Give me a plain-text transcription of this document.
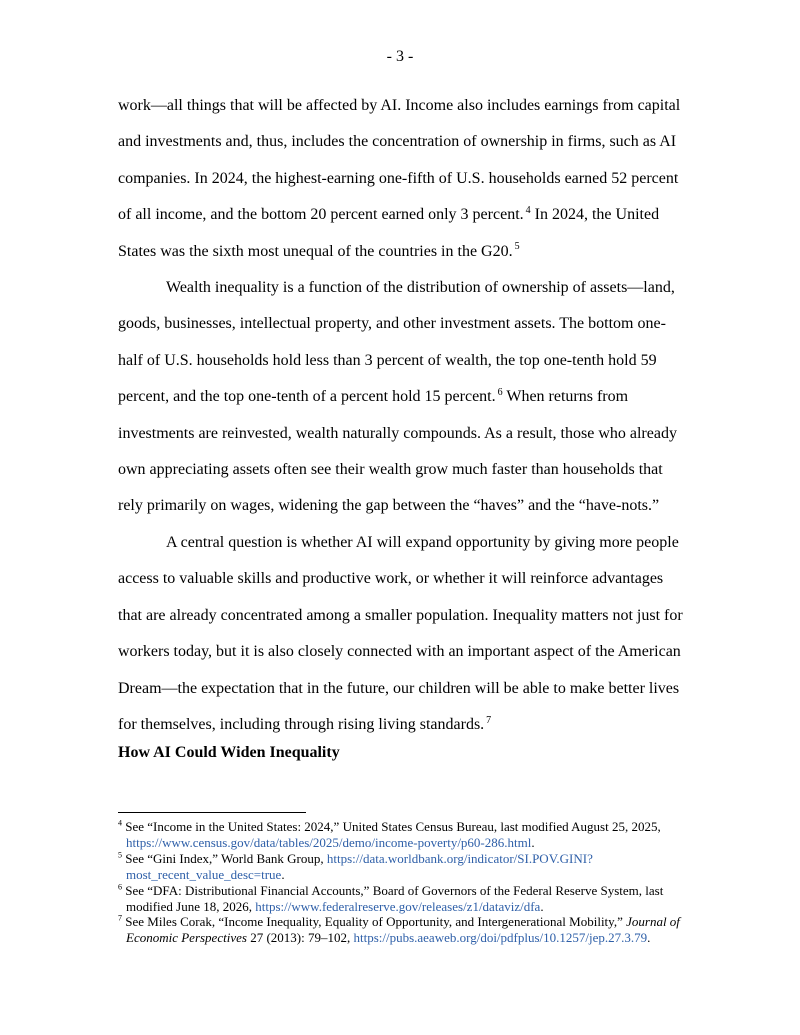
- 3 -

work—all things that will be affected by AI. Income also includes earnings from capital and investments and, thus, includes the concentration of ownership in firms, such as AI companies. In 2024, the highest-earning one-fifth of U.S. households earned 52 percent of all income, and the bottom 20 percent earned only 3 percent. $^4$ In 2024, the United States was the sixth most unequal of the countries in the G20. $^5$

Wealth inequality is a function of the distribution of ownership of assets—land, goods, businesses, intellectual property, and other investment assets. The bottom one-half of U.S. households hold less than 3 percent of wealth, the top one-tenth hold 59 percent, and the top one-tenth of a percent hold 15 percent. $^6$ When returns from investments are reinvested, wealth naturally compounds. As a result, those who already own appreciating assets often see their wealth grow much faster than households that rely primarily on wages, widening the gap between the “haves” and the “have-nots.”

A central question is whether AI will expand opportunity by giving more people access to valuable skills and productive work, or whether it will reinforce advantages that are already concentrated among a smaller population. Inequality matters not just for workers today, but it is also closely connected with an important aspect of the American Dream—the expectation that in the future, our children will be able to make better lives for themselves, including through rising living standards. $^7$

How AI Could Widen Inequality

$^4$ See “Income in the United States: 2024,” United States Census Bureau, last modified August 25, 2025, https://www.census.gov/data/tables/2025/demo/income-poverty/p60-286.html.

$^5$ See “Gini Index,” World Bank Group, https://data.worldbank.org/indicator/SI.POV.GINI?most_recent_value_desc=true.

$^6$ See “DFA: Distributional Financial Accounts,” Board of Governors of the Federal Reserve System, last modified June 18, 2026, https://www.federalreserve.gov/releases/z1/dataviz/dfa.

$^7$ See Miles Corak, “Income Inequality, Equality of Opportunity, and Intergenerational Mobility,” Journal of Economic Perspectives 27 (2013): 79–102, https://pubs.aeaweb.org/doi/pdfplus/10.1257/jep.27.3.79.
